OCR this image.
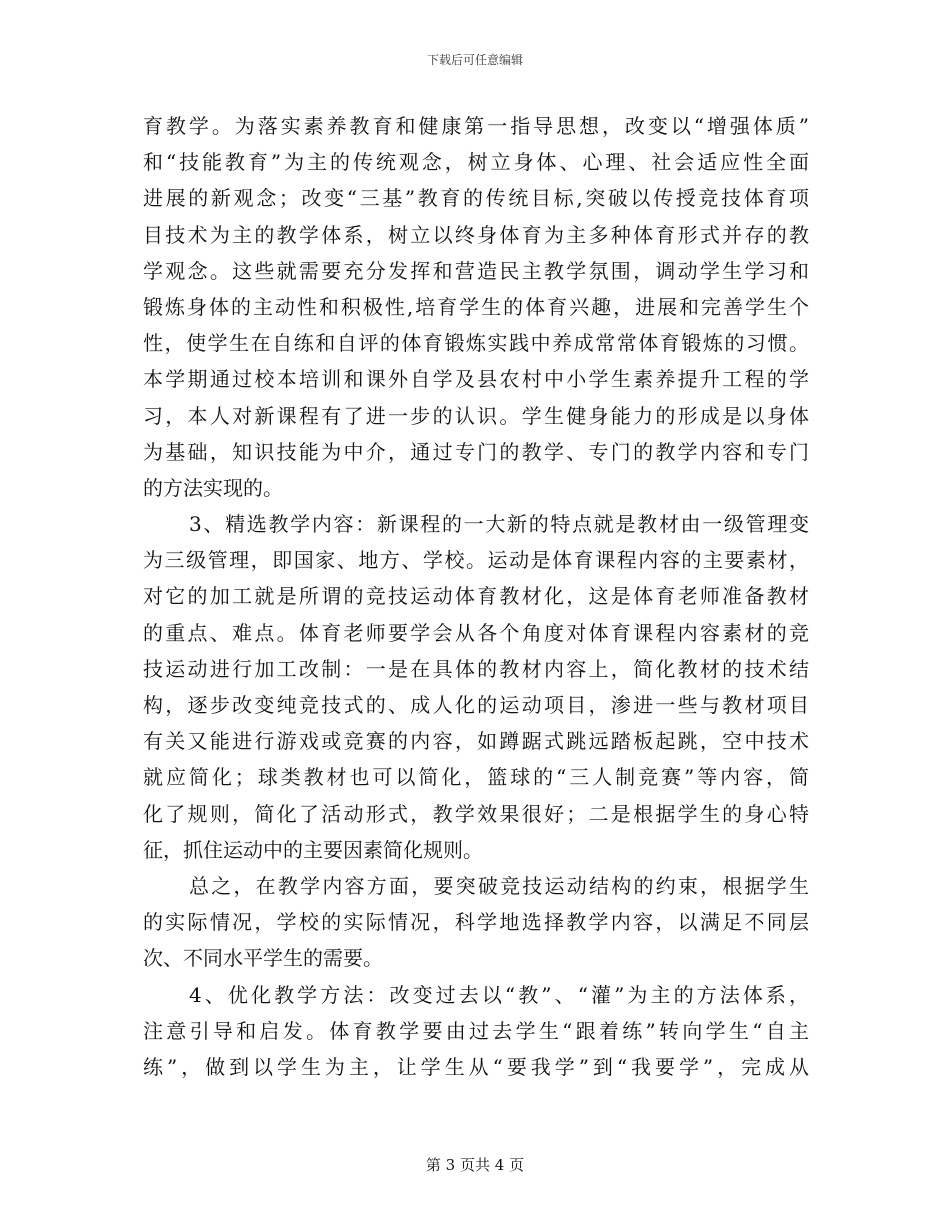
下载后可任意编辑
育教学。为落实素养教育和健康第一指导思想，改变以“增强体质”
和“技能教育”为主的传统观念，树立身体、心理、社会适应性全面
进展的新观念；改变“三基”教育的传统目标,突破以传授竞技体育项
目技术为主的教学体系，树立以终身体育为主多种体育形式并存的教
学观念。这些就需要充分发挥和营造民主教学氛围，调动学生学习和
锻炼身体的主动性和积极性,培育学生的体育兴趣，进展和完善学生个
性，使学生在自练和自评的体育锻炼实践中养成常常体育锻炼的习惯。
本学期通过校本培训和课外自学及县农村中小学生素养提升工程的学
习，本人对新课程有了进一步的认识。学生健身能力的形成是以身体
为基础，知识技能为中介，通过专门的教学、专门的教学内容和专门
的方法实现的。
3、精选教学内容：新课程的一大新的特点就是教材由一级管理变
为三级管理，即国家、地方、学校。运动是体育课程内容的主要素材，
对它的加工就是所谓的竞技运动体育教材化，这是体育老师准备教材
的重点、难点。体育老师要学会从各个角度对体育课程内容素材的竞
技运动进行加工改制：一是在具体的教材内容上，简化教材的技术结
构，逐步改变纯竞技式的、成人化的运动项目，渗进一些与教材项目
有关又能进行游戏或竞赛的内容，如蹲踞式跳远踏板起跳，空中技术
就应简化；球类教材也可以简化，篮球的“三人制竞赛”等内容，简
化了规则，简化了活动形式，教学效果很好；二是根据学生的身心特
征，抓住运动中的主要因素简化规则。
总之，在教学内容方面，要突破竞技运动结构的约束，根据学生
的实际情况，学校的实际情况，科学地选择教学内容，以满足不同层
次、不同水平学生的需要。
4、优化教学方法：改变过去以“教”、“灌”为主的方法体系，
注意引导和启发。体育教学要由过去学生“跟着练”转向学生“自主
练”，做到以学生为主，让学生从“要我学”到“我要学”，完成从
第 3 页共 4 页
